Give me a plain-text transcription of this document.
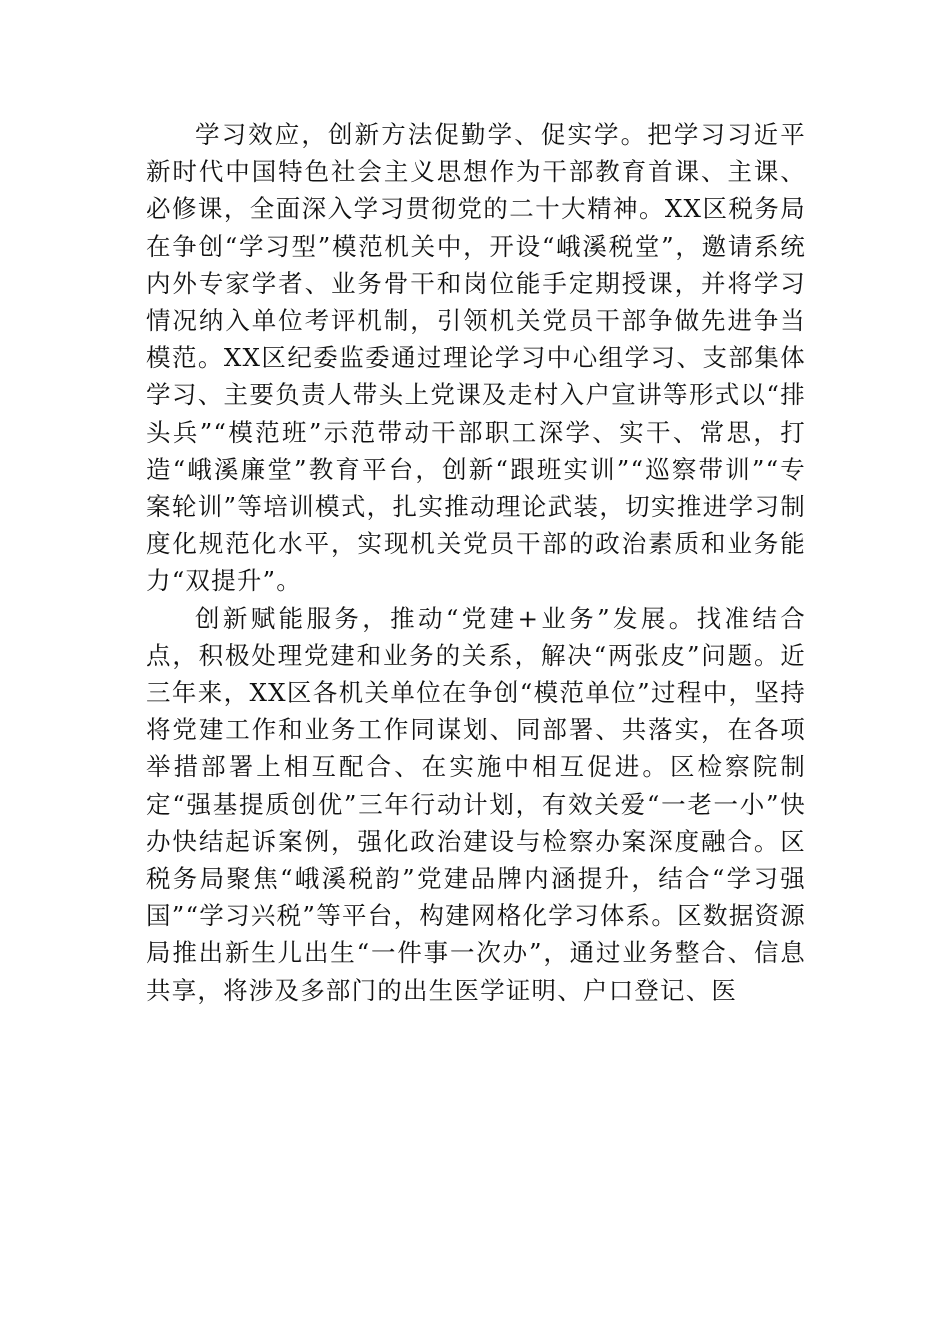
学习效应，创新方法促勤学、促实学。把学习习近平新时代中国特色社会主义思想作为干部教育首课、主课、必修课，全面深入学习贯彻党的二十大精神。XX区税务局在争创“学习型”模范机关中，开设“峨溪税堂”，邀请系统内外专家学者、业务骨干和岗位能手定期授课，并将学习情况纳入单位考评机制，引领机关党员干部争做先进争当模范。XX区纪委监委通过理论学习中心组学习、支部集体学习、主要负责人带头上党课及走村入户宣讲等形式以“排头兵”“模范班”示范带动干部职工深学、实干、常思，打造“峨溪廉堂”教育平台，创新“跟班实训”“巡察带训”“专案轮训”等培训模式，扎实推动理论武装，切实推进学习制度化规范化水平，实现机关党员干部的政治素质和业务能力“双提升”。

创新赋能服务，推动“党建+业务”发展。找准结合点，积极处理党建和业务的关系，解决“两张皮”问题。近三年来，XX区各机关单位在争创“模范单位”过程中，坚持将党建工作和业务工作同谋划、同部署、共落实，在各项举措部署上相互配合、在实施中相互促进。区检察院制定“强基提质创优”三年行动计划，有效关爱“一老一小”快办快结起诉案例，强化政治建设与检察办案深度融合。区税务局聚焦“峨溪税韵”党建品牌内涵提升，结合“学习强国”“学习兴税”等平台，构建网格化学习体系。区数据资源局推出新生儿出生“一件事一次办”，通过业务整合、信息共享，将涉及多部门的出生医学证明、户口登记、医
